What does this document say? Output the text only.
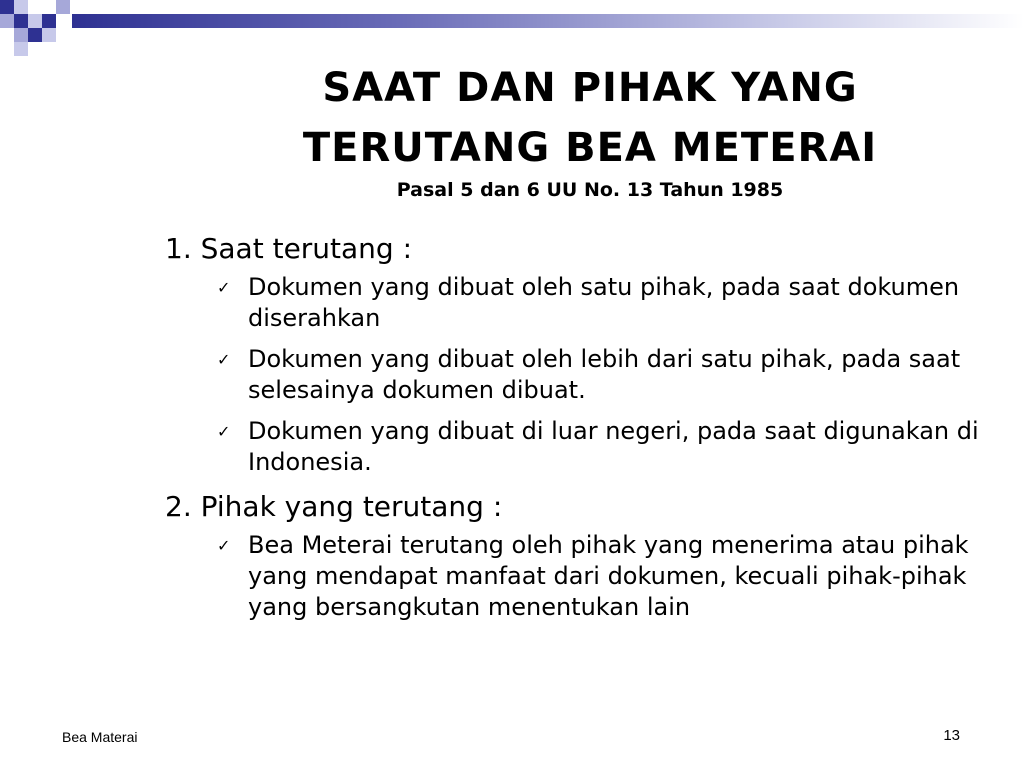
SAAT DAN PIHAK YANG
TERUTANG BEA METERAI
Pasal 5 dan 6 UU No. 13 Tahun 1985

1. Saat terutang :

✓ Dokumen yang dibuat oleh satu pihak, pada saat dokumen diserahkan
✓ Dokumen yang dibuat oleh lebih dari satu pihak, pada saat selesainya dokumen dibuat.
✓ Dokumen yang dibuat di luar negeri, pada saat digunakan di Indonesia.

2. Pihak yang terutang :

✓ Bea Meterai terutang oleh pihak yang menerima atau pihak yang mendapat manfaat dari dokumen, kecuali pihak-pihak yang bersangkutan menentukan lain
Bea Materai	13
